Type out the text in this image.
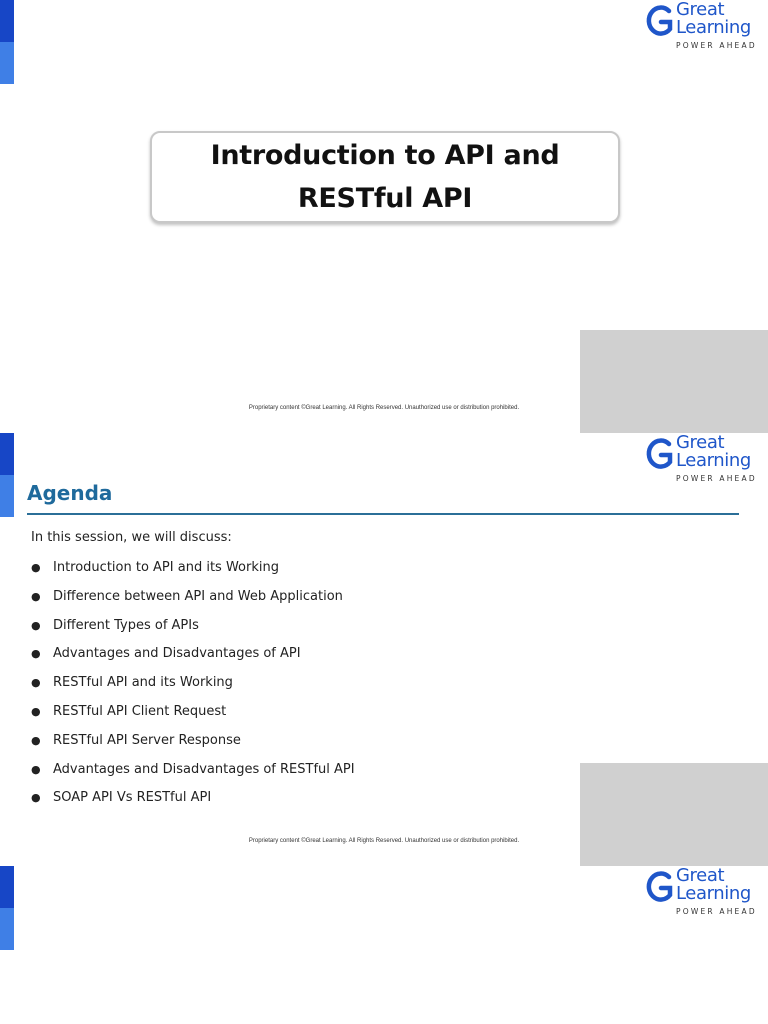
Great
Learning
POWER AHEAD
Introduction to API and RESTful API
Proprietary content ©Great Learning. All Rights Reserved. Unauthorized use or distribution prohibited.
Great
Learning
POWER AHEAD
Agenda
In this session, we will discuss:
● Introduction to API and its Working
● Difference between API and Web Application
● Different Types of APIs
● Advantages and Disadvantages of API
● RESTful API and its Working
● RESTful API Client Request
● RESTful API Server Response
● Advantages and Disadvantages of RESTful API
● SOAP API Vs RESTful API
Proprietary content ©Great Learning. All Rights Reserved. Unauthorized use or distribution prohibited.
Great
Learning
POWER AHEAD
